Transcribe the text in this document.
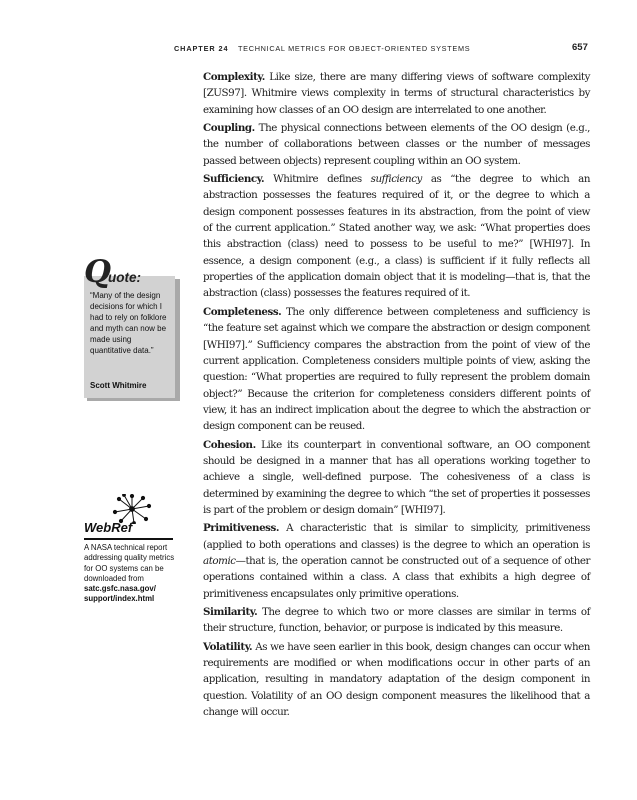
CHAPTER 24 TECHNICAL METRICS FOR OBJECT-ORIENTED SYSTEMS	657
Q
uote:
“Many of the design decisions for which I had to rely on folklore and myth can now be made using quantitative data.”
Scott Whitmire
WebRef
A NASA technical report addressing quality metrics for OO systems can be downloaded from satc.gsfc.nasa.gov/ support/index.html

Complexity. Like size, there are many differing views of software complexity [ZUS97]. Whitmire views complexity in terms of structural characteristics by examining how classes of an OO design are interrelated to one another.

Coupling. The physical connections between elements of the OO design (e.g., the number of collaborations between classes or the number of messages passed between objects) represent coupling within an OO system.

Sufficiency. Whitmire defines sufficiency as “the degree to which an abstraction possesses the features required of it, or the degree to which a design component possesses features in its abstraction, from the point of view of the current application.” Stated another way, we ask: “What properties does this abstraction (class) need to possess to be useful to me?” [WHI97]. In essence, a design component (e.g., a class) is sufficient if it fully reflects all properties of the application domain object that it is modeling—that is, that the abstraction (class) possesses the features required of it.

Completeness. The only difference between completeness and sufficiency is “the feature set against which we compare the abstraction or design component [WHI97].” Sufficiency compares the abstraction from the point of view of the current application. Completeness considers multiple points of view, asking the question: “What properties are required to fully represent the problem domain object?” Because the criterion for completeness considers different points of view, it has an indirect implication about the degree to which the abstraction or design component can be reused.

Cohesion. Like its counterpart in conventional software, an OO component should be designed in a manner that has all operations working together to achieve a single, well-defined purpose. The cohesiveness of a class is determined by examining the degree to which “the set of properties it possesses is part of the problem or design domain” [WHI97].

Primitiveness. A characteristic that is similar to simplicity, primitiveness (applied to both operations and classes) is the degree to which an operation is atomic—that is, the operation cannot be constructed out of a sequence of other operations contained within a class. A class that exhibits a high degree of primitiveness encapsulates only primitive operations.

Similarity. The degree to which two or more classes are similar in terms of their structure, function, behavior, or purpose is indicated by this measure.

Volatility. As we have seen earlier in this book, design changes can occur when requirements are modified or when modifications occur in other parts of an application, resulting in mandatory adaptation of the design component in question. Volatility of an OO design component measures the likelihood that a change will occur.
